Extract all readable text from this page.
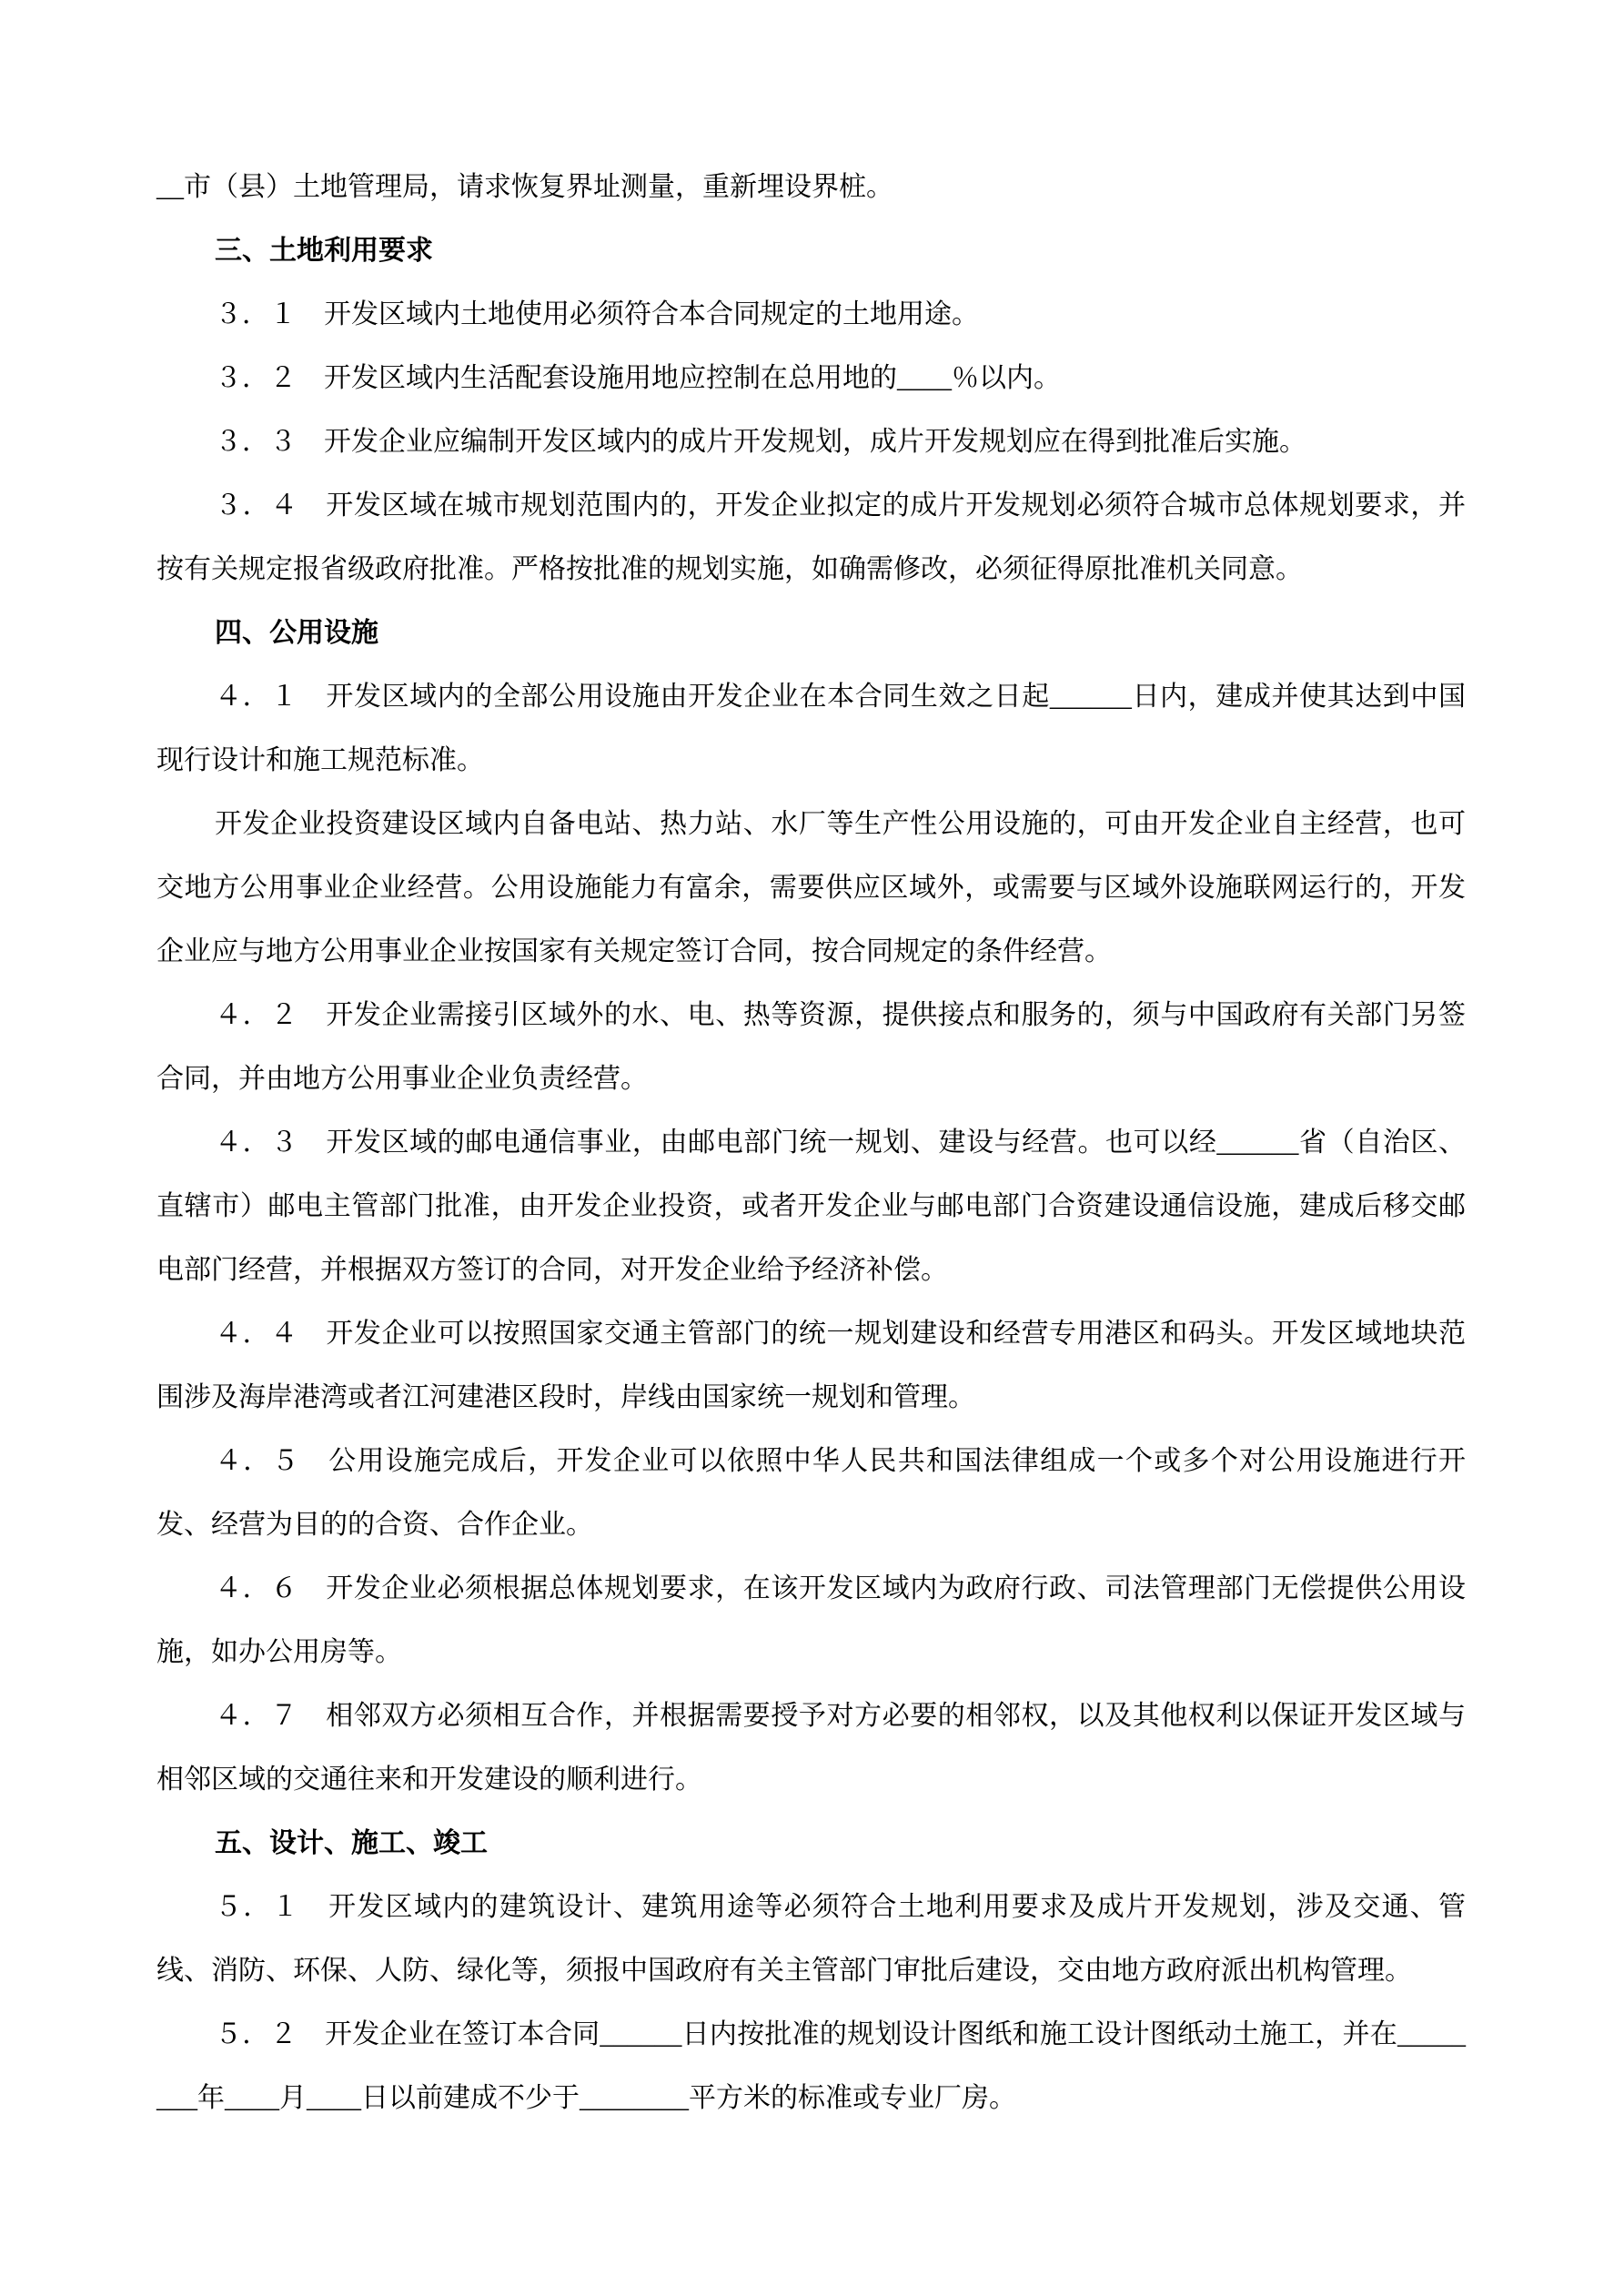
__市（县）土地管理局，请求恢复界址测量，重新埋设界桩。

三、土地利用要求

３．１　开发区域内土地使用必须符合本合同规定的土地用途。

３．２　开发区域内生活配套设施用地应控制在总用地的____％以内。

３．３　开发企业应编制开发区域内的成片开发规划，成片开发规划应在得到批准后实施。

３．４　开发区域在城市规划范围内的，开发企业拟定的成片开发规划必须符合城市总体规划要求，并按有关规定报省级政府批准。严格按批准的规划实施，如确需修改，必须征得原批准机关同意。

四、公用设施

４．１　开发区域内的全部公用设施由开发企业在本合同生效之日起______日内，建成并使其达到中国现行设计和施工规范标准。

开发企业投资建设区域内自备电站、热力站、水厂等生产性公用设施的，可由开发企业自主经营，也可交地方公用事业企业经营。公用设施能力有富余，需要供应区域外，或需要与区域外设施联网运行的，开发企业应与地方公用事业企业按国家有关规定签订合同，按合同规定的条件经营。

４．２　开发企业需接引区域外的水、电、热等资源，提供接点和服务的，须与中国政府有关部门另签合同，并由地方公用事业企业负责经营。

４．３　开发区域的邮电通信事业，由邮电部门统一规划、建设与经营。也可以经______省（自治区、直辖市）邮电主管部门批准，由开发企业投资，或者开发企业与邮电部门合资建设通信设施，建成后移交邮电部门经营，并根据双方签订的合同，对开发企业给予经济补偿。

４．４　开发企业可以按照国家交通主管部门的统一规划建设和经营专用港区和码头。开发区域地块范围涉及海岸港湾或者江河建港区段时，岸线由国家统一规划和管理。

４．５　公用设施完成后，开发企业可以依照中华人民共和国法律组成一个或多个对公用设施进行开发、经营为目的的合资、合作企业。

４．６　开发企业必须根据总体规划要求，在该开发区域内为政府行政、司法管理部门无偿提供公用设施，如办公用房等。

４．７　相邻双方必须相互合作，并根据需要授予对方必要的相邻权，以及其他权利以保证开发区域与相邻区域的交通往来和开发建设的顺利进行。

五、设计、施工、竣工

５．１　开发区域内的建筑设计、建筑用途等必须符合土地利用要求及成片开发规划，涉及交通、管线、消防、环保、人防、绿化等，须报中国政府有关主管部门审批后建设，交由地方政府派出机构管理。

５．２　开发企业在签订本合同______日内按批准的规划设计图纸和施工设计图纸动土施工，并在________年____月____日以前建成不少于________平方米的标准或专业厂房。
